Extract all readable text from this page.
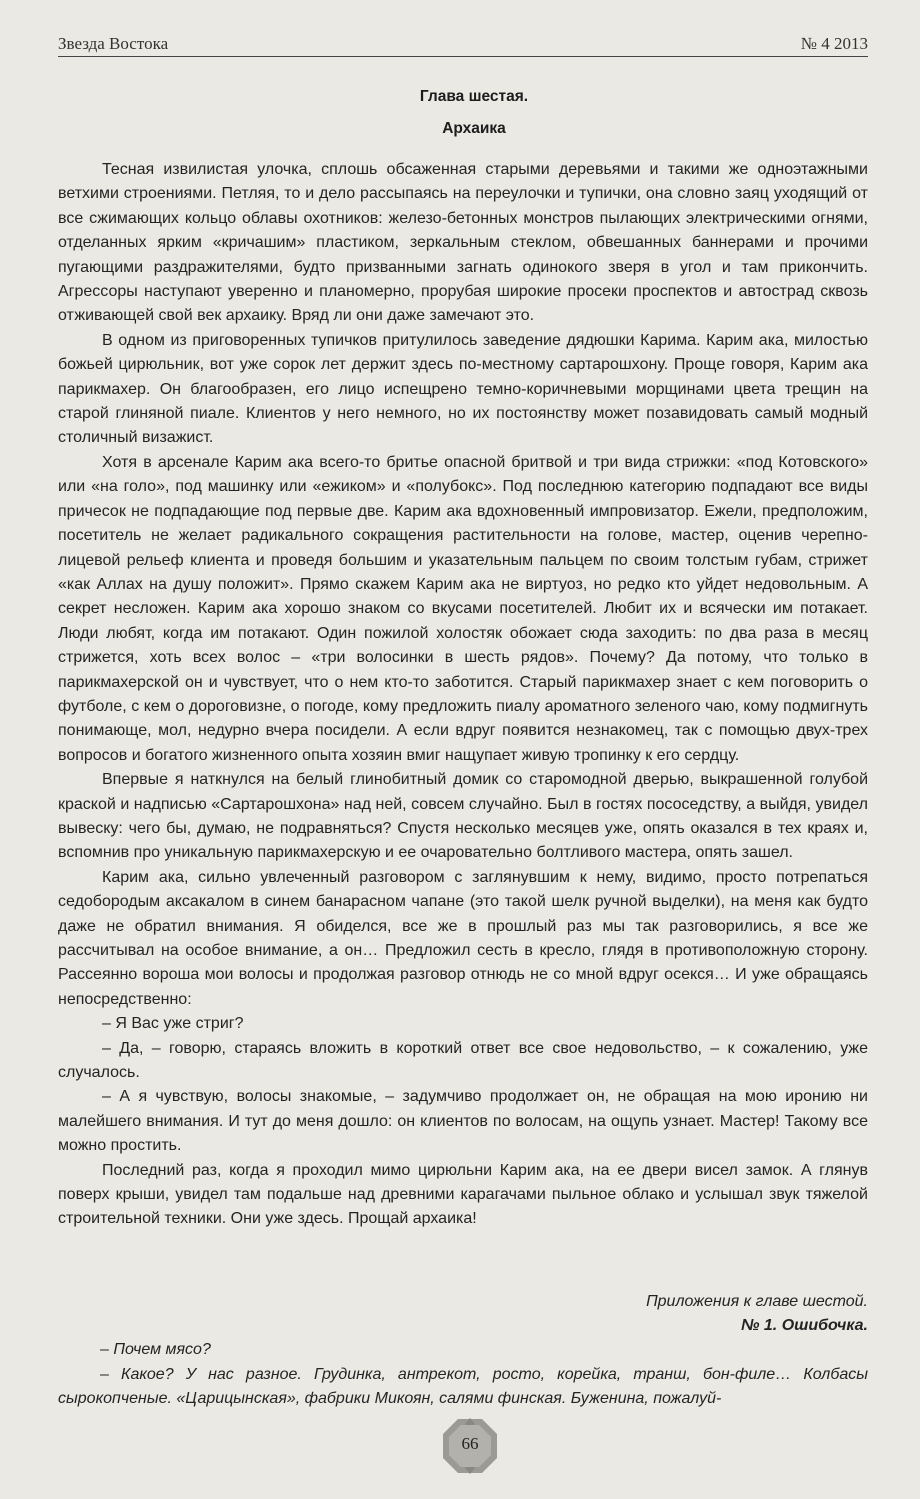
Звезда Востока	№ 4 2013
Глава шестая.
Архаика

Тесная извилистая улочка, сплошь обсаженная старыми деревьями и такими же одноэтажными ветхими строениями. Петляя, то и дело рассыпаясь на переулочки и тупички, она словно заяц уходящий от все сжимающих кольцо облавы охотников: железо-бетонных монстров пылающих электрическими огнями, отделанных ярким «кричашим» пластиком, зеркальным стеклом, обвешанных баннерами и прочими пугающими раздражителями, будто призванными загнать одинокого зверя в угол и там прикончить. Агрессоры наступают уверенно и планомерно, прорубая широкие просеки проспектов и автострад сквозь отживающей свой век архаику. Вряд ли они даже замечают это.

В одном из приговоренных тупичков притулилось заведение дядюшки Карима. Карим ака, милостью божьей цирюльник, вот уже сорок лет держит здесь по-местному сартарошхону. Проще говоря, Карим ака парикмахер. Он благообразен, его лицо испещрено темно-коричневыми морщинами цвета трещин на старой глиняной пиале. Клиентов у него немного, но их постоянству может позавидовать самый модный столичный визажист.

Хотя в арсенале Карим ака всего-то бритье опасной бритвой и три вида стрижки: «под Котовского» или «на голо», под машинку или «ежиком» и «полубокс». Под последнюю категорию подпадают все виды причесок не подпадающие под первые две. Карим ака вдохновенный импровизатор. Ежели, предположим, посетитель не желает радикального сокращения растительности на голове, мастер, оценив черепно-лицевой рельеф клиента и проведя большим и указательным пальцем по своим толстым губам, стрижет «как Аллах на душу положит». Прямо скажем Карим ака не виртуоз, но редко кто уйдет недовольным. А секрет несложен. Карим ака хорошо знаком со вкусами посетителей. Любит их и всячески им потакает. Люди любят, когда им потакают. Один пожилой холостяк обожает сюда заходить: по два раза в месяц стрижется, хоть всех волос – «три волосинки в шесть рядов». Почему? Да потому, что только в парикмахерской он и чувствует, что о нем кто-то заботится. Старый парикмахер знает с кем поговорить о футболе, с кем о дороговизне, о погоде, кому предложить пиалу ароматного зеленого чаю, кому подмигнуть понимающе, мол, недурно вчера посидели. А если вдруг появится незнакомец, так с помощью двух-трех вопросов и богатого жизненного опыта хозяин вмиг нащупает живую тропинку к его сердцу.

Впервые я наткнулся на белый глинобитный домик со старомодной дверью, выкрашенной голубой краской и надписью «Сартарошхона» над ней, совсем случайно. Был в гостях пососедству, а выйдя, увидел вывеску: чего бы, думаю, не подравняться? Спустя несколько месяцев уже, опять оказался в тех краях и, вспомнив про уникальную парикмахерскую и ее очаровательно болтливого мастера, опять зашел.

Карим ака, сильно увлеченный разговором с заглянувшим к нему, видимо, просто потрепаться седобородым аксакалом в синем банарасном чапане (это такой шелк ручной выделки), на меня как будто даже не обратил внимания. Я обиделся, все же в прошлый раз мы так разговорились, я все же рассчитывал на особое внимание, а он… Предложил сесть в кресло, глядя в противоположную сторону. Рассеянно вороша мои волосы и продолжая разговор отнюдь не со мной вдруг осекся… И уже обращаясь непосредственно:

– Я Вас уже стриг?

– Да, – говорю, стараясь вложить в короткий ответ все свое недовольство, – к сожалению, уже случалось.

– А я чувствую, волосы знакомые, – задумчиво продолжает он, не обращая на мою иронию ни малейшего внимания. И тут до меня дошло: он клиентов по волосам, на ощупь узнает. Мастер! Такому все можно простить.

Последний раз, когда я проходил мимо цирюльни Карим ака, на ее двери висел замок. А глянув поверх крыши, увидел там подальше над древними карагачами пыльное облако и услышал звук тяжелой строительной техники. Они уже здесь. Прощай архаика!

Приложения к главе шестой.
№ 1. Ошибочка.

– Почем мясо?

– Какое? У нас разное. Грудинка, антрекот, росто, корейка, транш, бон-филе… Колбасы сырокопченые. «Царицынская», фабрики Микоян, салями финская. Буженина, пожалуй-

66
